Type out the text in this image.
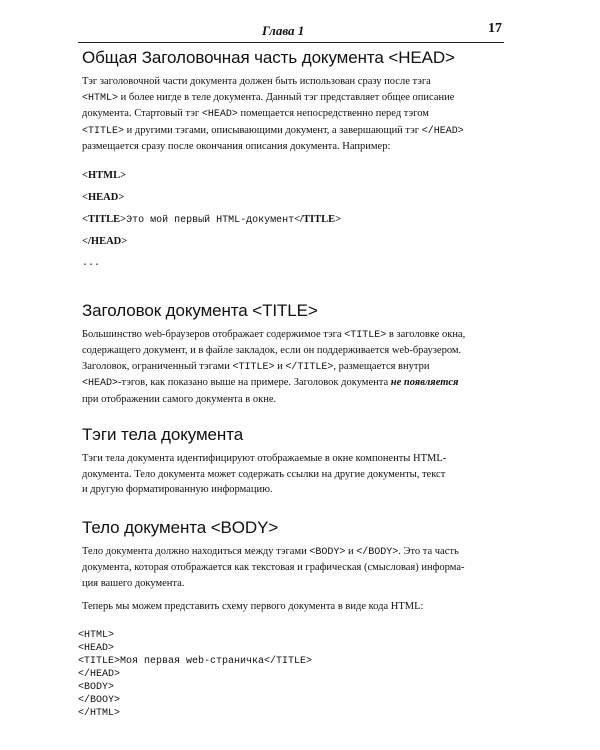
Глава 1	17
Общая Заголовочная часть документа <HEAD>
Тэг заголовочной части документа должен быть использован сразу после тэга
<HTML> и более нигде в теле документа. Данный тэг представляет общее описание
документа. Стартовый тэг <HEAD> помещается непосредственно перед тэгом
<TITLE> и другими тэгами, описывающими документ, а завершающий тэг </HEAD>
размещается сразу после окончания описания документа. Например:
<HTML>
<HEAD>
<TITLE>Это мой первый HTML-документ</TITLE>
</HEAD>
...
Заголовок документа <TITLE>
Большинство web-браузеров отображает содержимое тэга <TITLE> в заголовке окна,
содержащего документ, и в файле закладок, если он поддерживается web-браузером.
Заголовок, ограниченный тэгами <TITLE> и </TITLE>, размещается внутри
<HEAD>-тэгов, как показано выше на примере. Заголовок документа не появляется
при отображении самого документа в окне.
Тэги тела документа
Тэги тела документа идентифицируют отображаемые в окне компоненты HTML-
документа. Тело документа может содержать ссылки на другие документы, текст
и другую форматированную информацию.
Тело документа <BODY>
Тело документа должно находиться между тэгами <BODY> и </BODY>. Это та часть
документа, которая отображается как текстовая и графическая (смысловая) информа-
ция вашего документа.
Теперь мы можем представить схему первого документа в виде кода HTML:
<HTML>
<HEAD>
<TITLE>Моя первая web-страничка</TITLE>
</HEAD>
<BODY>
</BOOY>
</HTML>
